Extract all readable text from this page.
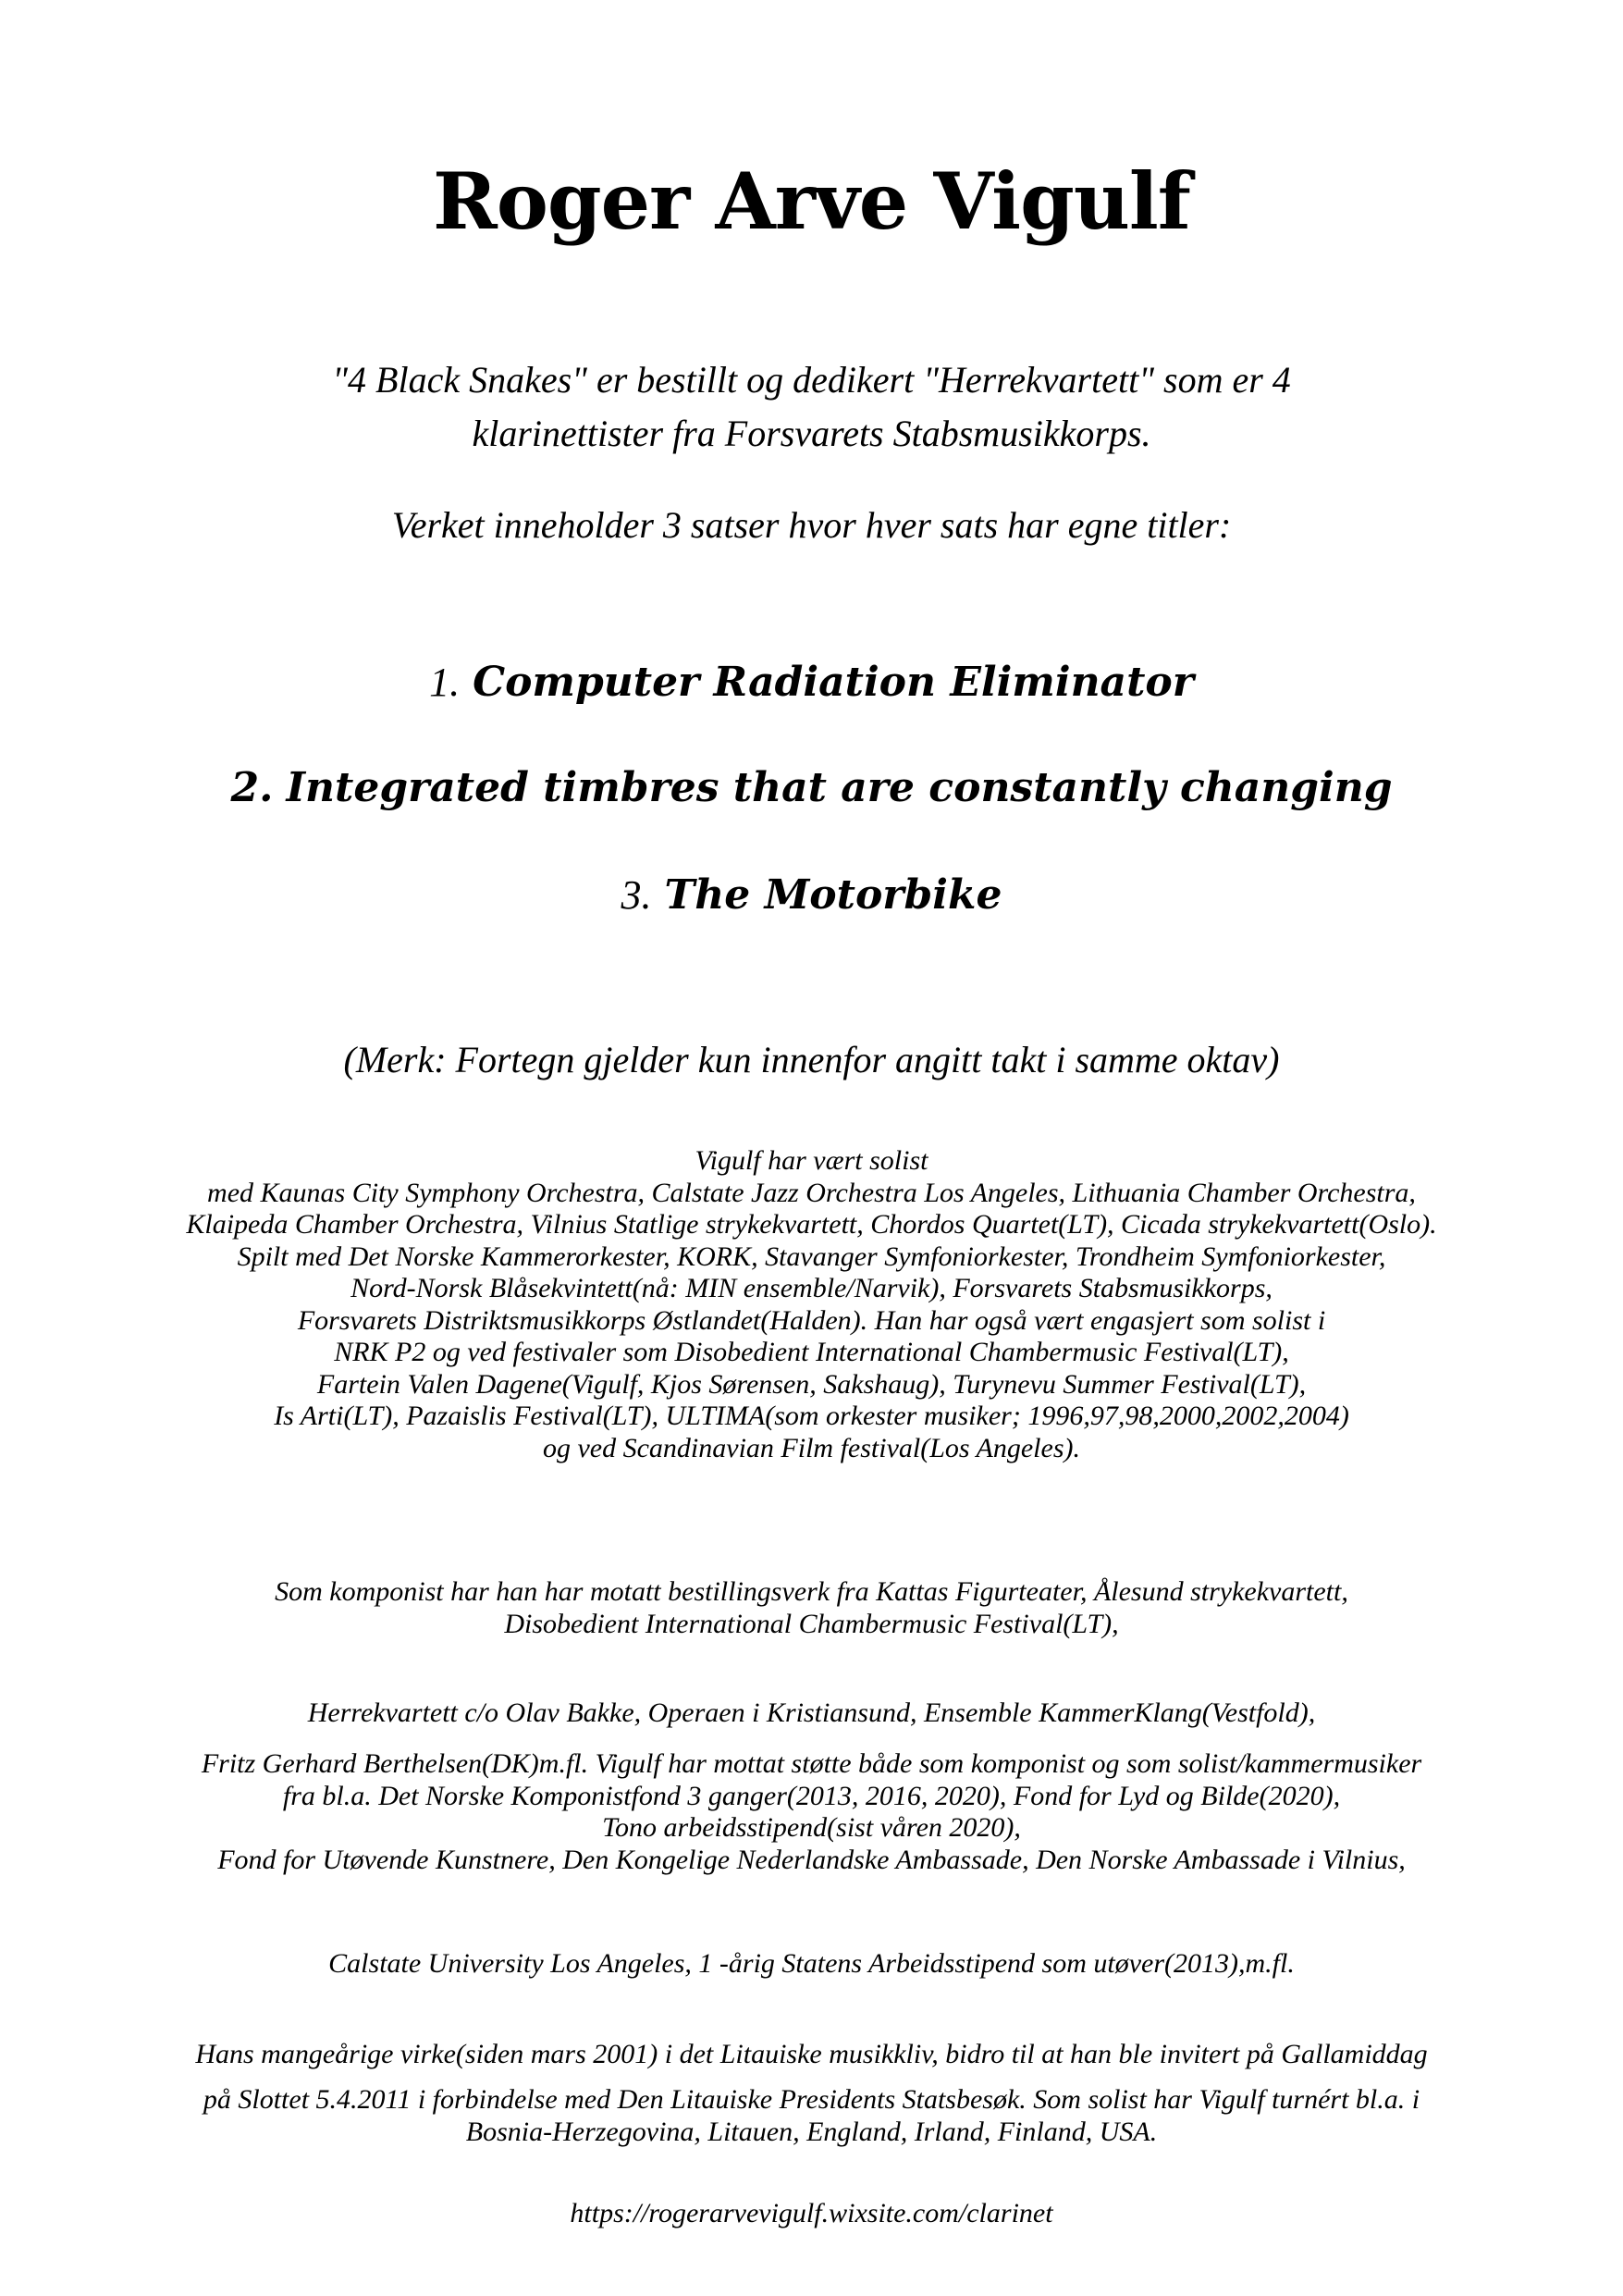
Roger Arve Vigulf
"4 Black Snakes" er bestillt og dedikert "Herrekvartett" som er 4
klarinettister fra Forsvarets Stabsmusikkorps.
Verket inneholder 3 satser hvor hver sats har egne titler:
1. Computer Radiation Eliminator
2. Integrated timbres that are constantly changing
3. The Motorbike
(Merk: Fortegn gjelder kun innenfor angitt takt i samme oktav)
Vigulf har vært solist
med Kaunas City Symphony Orchestra, Calstate Jazz Orchestra Los Angeles, Lithuania Chamber Orchestra,
Klaipeda Chamber Orchestra, Vilnius Statlige strykekvartett, Chordos Quartet(LT), Cicada strykekvartett(Oslo).
Spilt med Det Norske Kammerorkester, KORK, Stavanger Symfoniorkester, Trondheim Symfoniorkester,
Nord-Norsk Blåsekvintett(nå: MIN ensemble/Narvik), Forsvarets Stabsmusikkorps,
Forsvarets Distriktsmusikkorps Østlandet(Halden). Han har også vært engasjert som solist i
NRK P2 og ved festivaler som Disobedient International Chambermusic Festival(LT),
Fartein Valen Dagene(Vigulf, Kjos Sørensen, Sakshaug), Turynevu Summer Festival(LT),
Is Arti(LT), Pazaislis Festival(LT), ULTIMA(som orkester musiker; 1996,97,98,2000,2002,2004)
og ved Scandinavian Film festival(Los Angeles).
Som komponist har han har motatt bestillingsverk fra Kattas Figurteater, Ålesund strykekvartett,
Disobedient International Chambermusic Festival(LT),
Herrekvartett c/o Olav Bakke, Operaen i Kristiansund, Ensemble KammerKlang(Vestfold),
Fritz Gerhard Berthelsen(DK)m.fl. Vigulf har mottat støtte både som komponist og som solist/kammermusiker
fra bl.a. Det Norske Komponistfond 3 ganger(2013, 2016, 2020), Fond for Lyd og Bilde(2020),
Tono arbeidsstipend(sist våren 2020),
Fond for Utøvende Kunstnere, Den Kongelige Nederlandske Ambassade, Den Norske Ambassade i Vilnius,
Calstate University Los Angeles, 1 -årig Statens Arbeidsstipend som utøver(2013),m.fl.
Hans mangeårige virke(siden mars 2001) i det Litauiske musikkliv, bidro til at han ble invitert på Gallamiddag
på Slottet 5.4.2011 i forbindelse med Den Litauiske Presidents Statsbesøk. Som solist har Vigulf turnért bl.a. i
Bosnia-Herzegovina, Litauen, England, Irland, Finland, USA.
https://rogerarvevigulf.wixsite.com/clarinet
